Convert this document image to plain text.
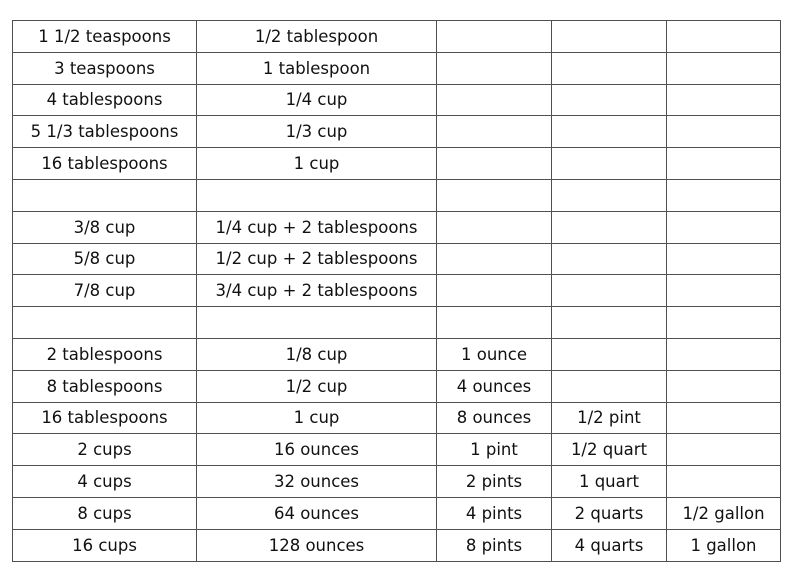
1 1/2 teaspoons	1/2 tablespoon			
3 teaspoons	1 tablespoon			
4 tablespoons	1/4 cup			
5 1/3 tablespoons	1/3 cup			
16 tablespoons	1 cup			

3/8 cup	1/4 cup + 2 tablespoons			
5/8 cup	1/2 cup + 2 tablespoons			
7/8 cup	3/4 cup + 2 tablespoons			

2 tablespoons	1/8 cup	1 ounce		
8 tablespoons	1/2 cup	4 ounces		
16 tablespoons	1 cup	8 ounces	1/2 pint	
2 cups	16 ounces	1 pint	1/2 quart	
4 cups	32 ounces	2 pints	1 quart	
8 cups	64 ounces	4 pints	2 quarts	1/2 gallon
16 cups	128 ounces	8 pints	4 quarts	1 gallon
